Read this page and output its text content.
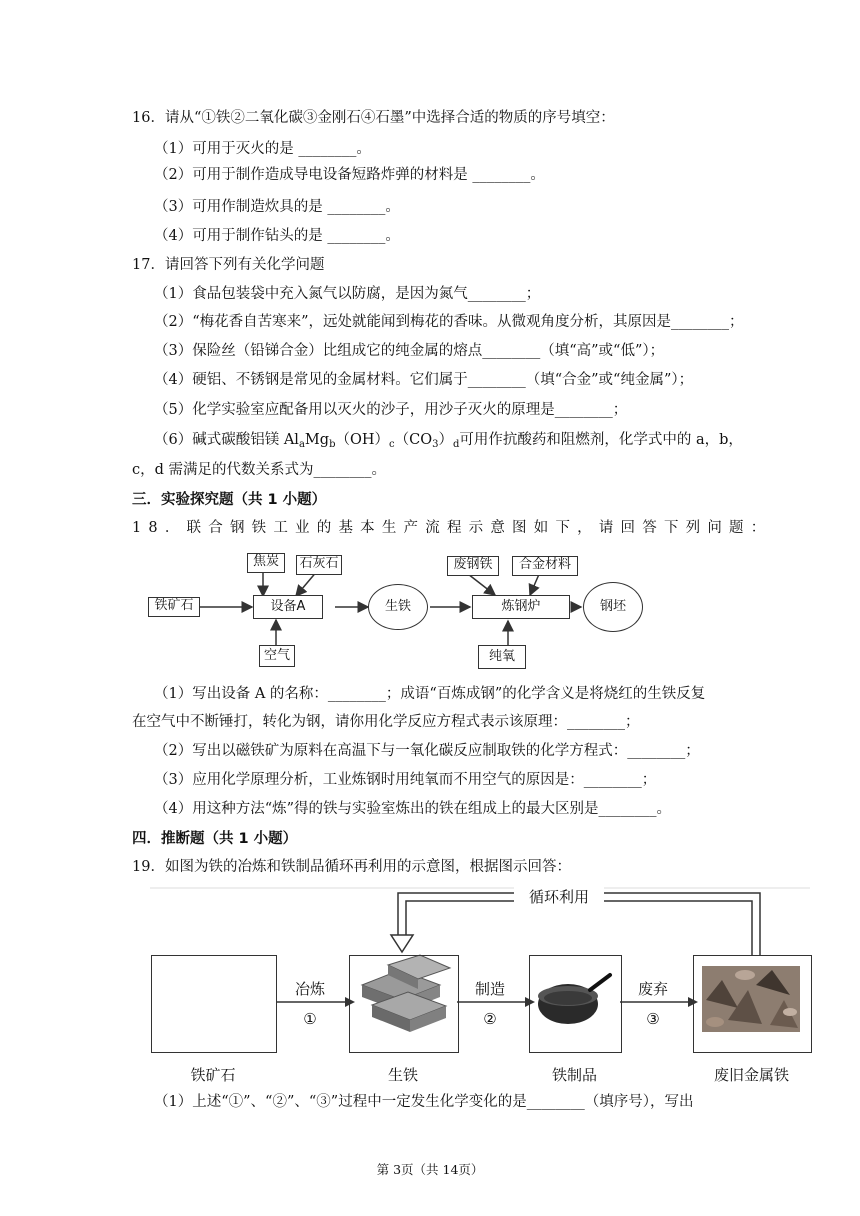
16．请从“①铁②二氧化碳③金刚石④石墨”中选择合适的物质的序号填空：
（1）可用于灭火的是 ________。
（2）可用于制作造成导电设备短路炸弹的材料是 ________。
（3）可用作制造炊具的是 ________。
（4）可用于制作钻头的是 ________。
17．请回答下列有关化学问题
（1）食品包装袋中充入氮气以防腐，是因为氮气________；
（2）“梅花香自苦寒来”，远处就能闻到梅花的香味。从微观角度分析，其原因是________；
（3）保险丝（铅锑合金）比组成它的纯金属的熔点________（填“高”或“低”）；
（4）硬铝、不锈钢是常见的金属材料。它们属于________（填“合金”或“纯金属”）；
（5）化学实验室应配备用以灭火的沙子，用沙子灭火的原理是________；
（6）碱式碳酸铝镁 $Al_aMg_b(OH)_c(CO_3)_d$可用作抗酸药和阻燃剂，化学式中的 a，b，
c，d 需满足的代数关系式为________。
三．实验探究题（共 1 小题）
18．联合钢铁工业的基本生产流程示意图如下，请回答下列问题：
焦炭	石灰石
铁矿石	设备A
空气
生铁
废钢铁	合金材料
炼钢炉
纯氧
钢坯
（1）写出设备 A 的名称：________；成语“百炼成钢”的化学含义是将烧红的生铁反复
在空气中不断锤打，转化为钢，请你用化学反应方程式表示该原理：________；
（2）写出以磁铁矿为原料在高温下与一氧化碳反应制取铁的化学方程式：________；
（3）应用化学原理分析，工业炼钢时用纯氧而不用空气的原因是：________；
（4）用这种方法“炼”得的铁与实验室炼出的铁在组成上的最大区别是________。
四．推断题（共 1 小题）
19．如图为铁的冶炼和铁制品循环再利用的示意图，根据图示回答：
循环利用
冶炼	制造	废弃
①	②	③
铁矿石	生铁	铁制品	废旧金属铁
（1）上述“①”、“②”、“③”过程中一定发生化学变化的是________（填序号），写出
第 3页（共 14页）
